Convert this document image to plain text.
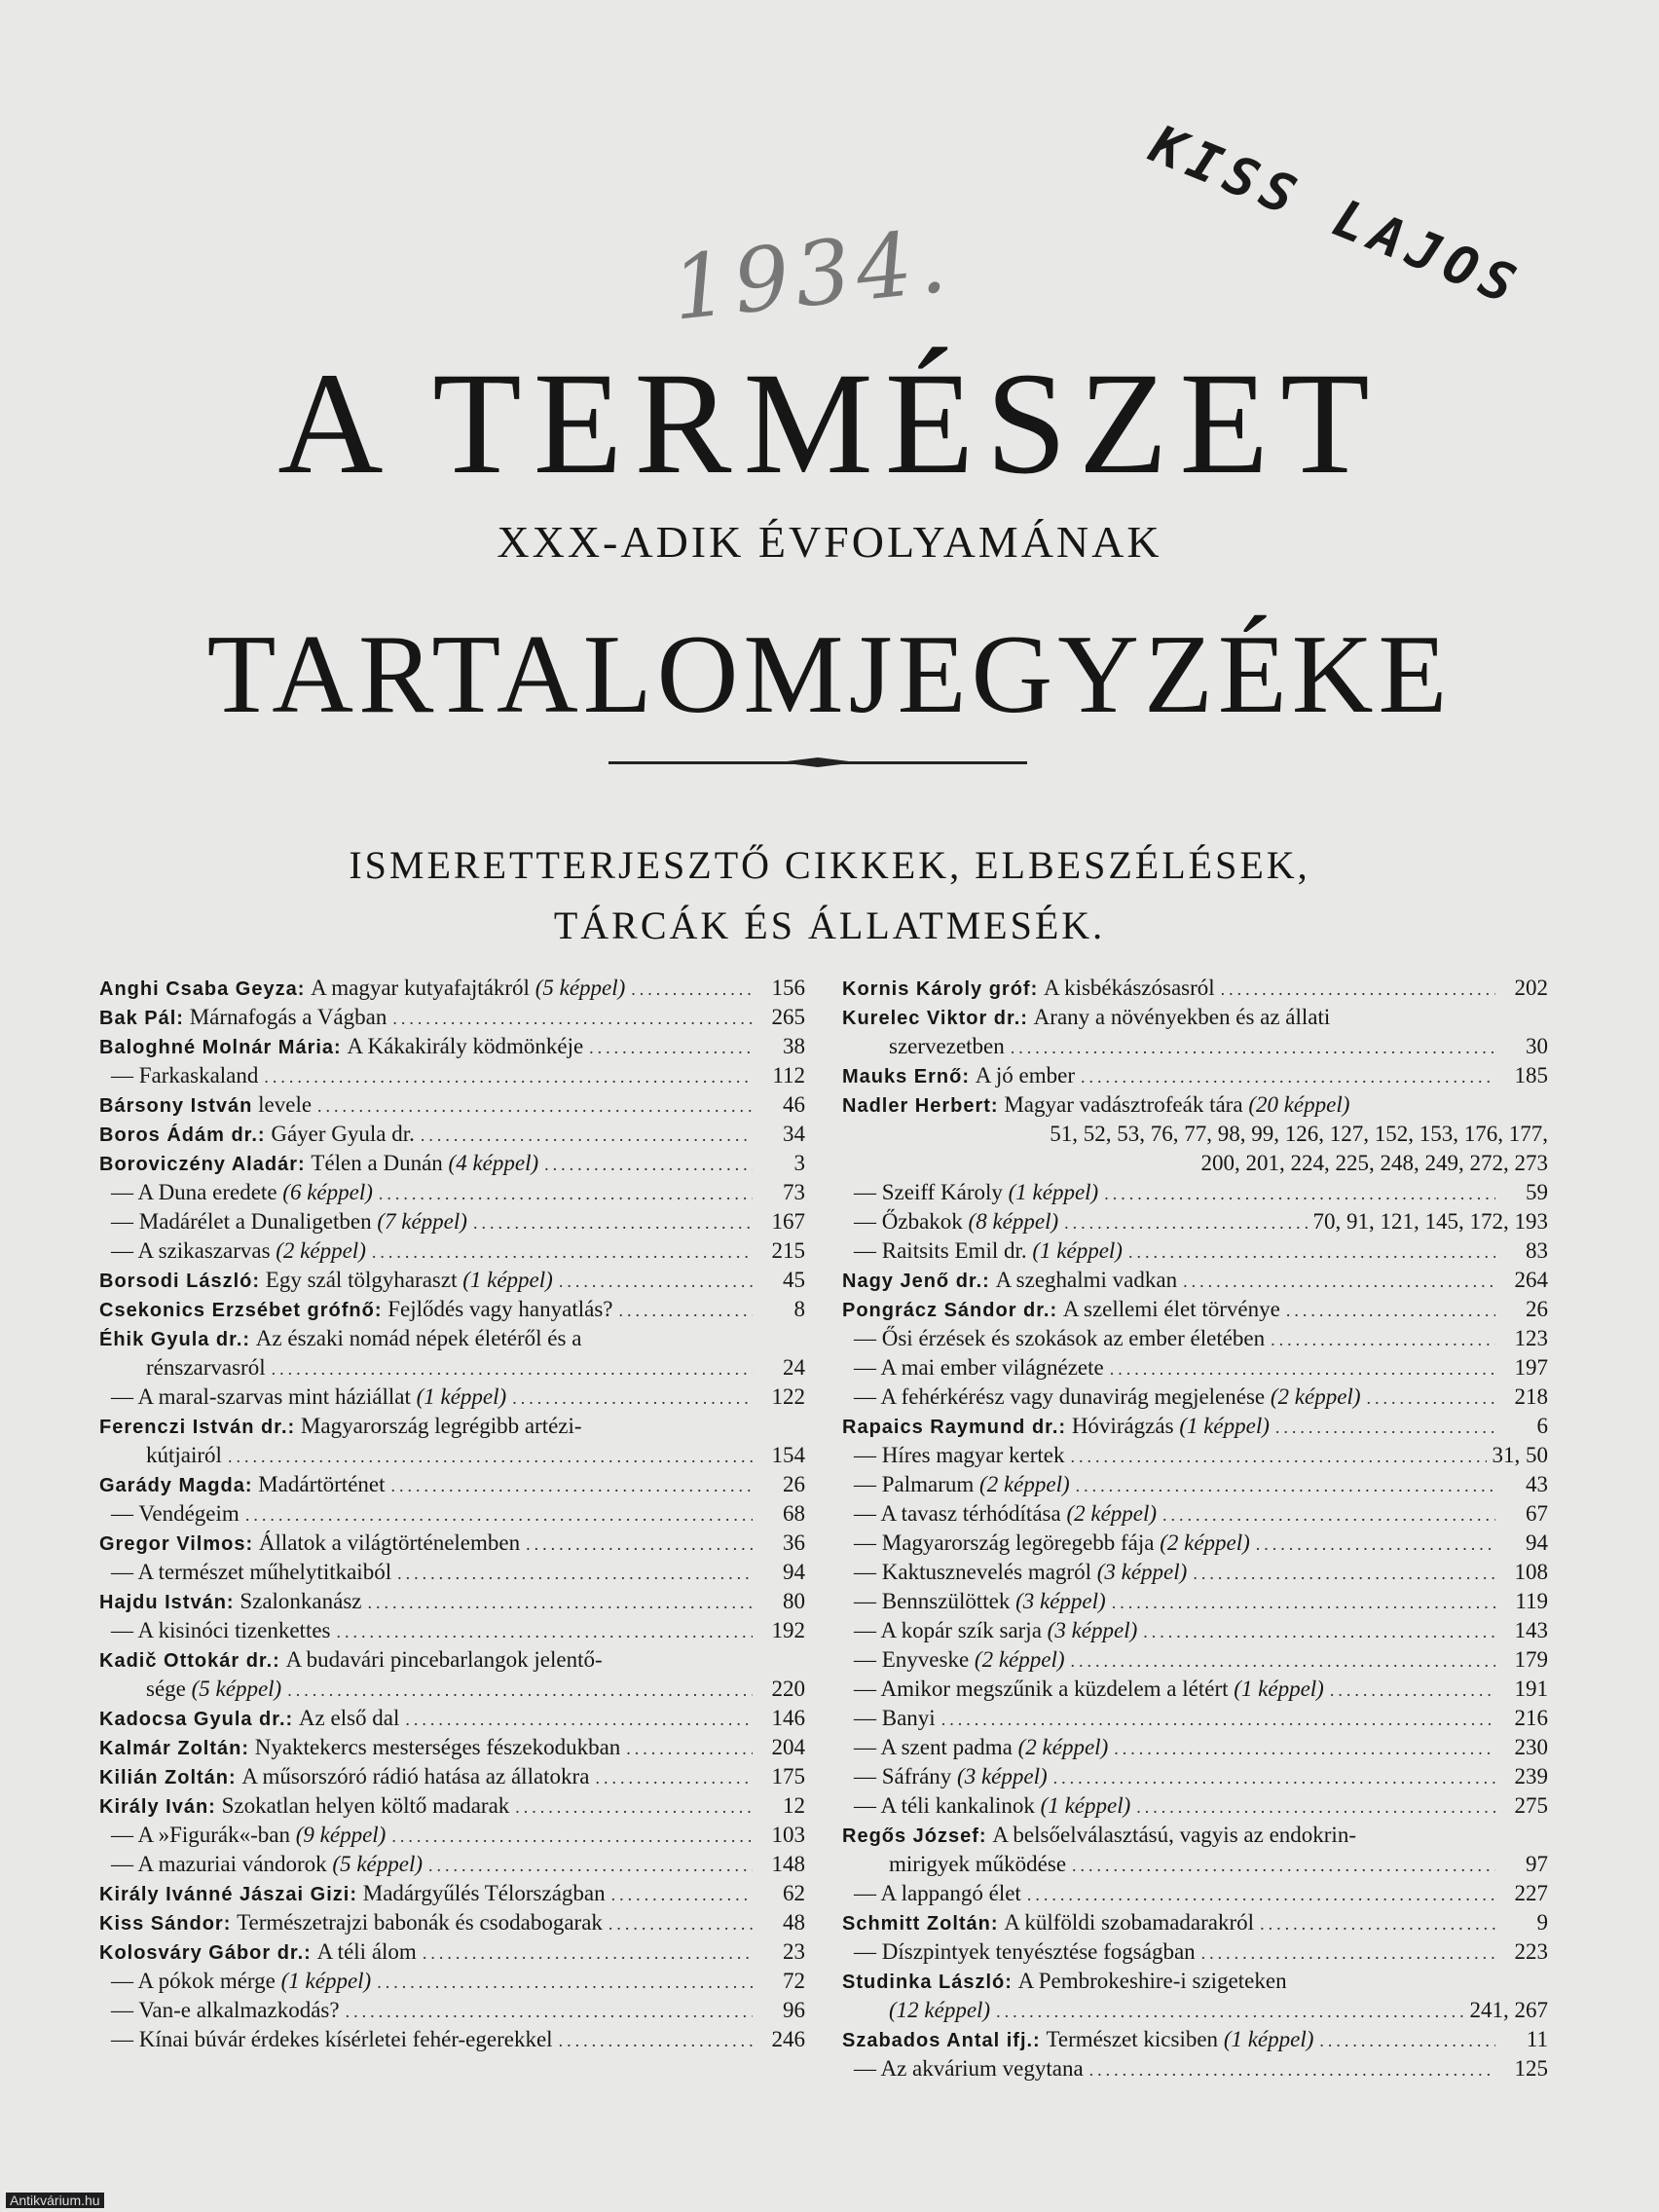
1934.	KISS LAJOS
A TERMÉSZET
XXX-ADIK ÉVFOLYAMÁNAK
TARTALOMJEGYZÉKE
ISMERETTERJESZTŐ CIKKEK, ELBESZÉLÉSEK,
TÁRCÁK ÉS ÁLLATMESÉK.
Anghi Csaba Geyza:
A magyar kutyafajtákról
(5 képpel) .....	156
Bak Pál:
Márnafogás a Vágban .....	265
Baloghné Molnár Mária:
A Kákakirály ködmönkéje .....	38
— Farkaskaland .....	112
Bársony István
levele .....	46
Boros Ádám dr.:
Gáyer Gyula dr. .....	34
Boroviczény Aladár:
Télen a Dunán
(4 képpel) .....	3
— A Duna eredete
(6 képpel) .....	73
— Madárélet a Dunaligetben
(7 képpel) .....	167
— A szikaszarvas
(2 képpel) .....	215
Borsodi László:
Egy szál tölgyharaszt
(1 képpel) .....	45
Csekonics Erzsébet grófnő:
Fejlődés vagy hanyatlás? .....	8
Éhik Gyula dr.:
Az északi nomád népek életéről és a
rénszarvasról .....	24
— A maral-szarvas mint háziállat
(1 képpel) .....	122
Ferenczi István dr.:
Magyarország legrégibb artézi-
kútjairól .....	154
Garády Magda:
Madártörténet .....	26
— Vendégeim .....	68
Gregor Vilmos:
Állatok a világtörténelemben .....	36
— A természet műhelytitkaiból .....	94
Hajdu István:
Szalonkanász .....	80
— A kisinóci tizenkettes .....	192
Kadič Ottokár dr.:
A budavári pincebarlangok jelentő-
sége
(5 képpel) .....	220
Kadocsa Gyula dr.:
Az első dal .....	146
Kalmár Zoltán:
Nyaktekercs mesterséges fészekodukban .....	204
Kilián Zoltán:
A műsorszóró rádió hatása az állatokra .....	175
Király Iván:
Szokatlan helyen költő madarak .....	12
— A »Figurák«-ban
(9 képpel) .....	103
— A mazuriai vándorok
(5 képpel) .....	148
Király Ivánné Jászai Gizi:
Madárgyűlés Télországban .....	62
Kiss Sándor:
Természetrajzi babonák és csodabogarak .....	48
Kolosváry Gábor dr.:
A téli álom .....	23
— A pókok mérge
(1 képpel) .....	72
— Van-e alkalmazkodás? .....	96
— Kínai búvár érdekes kísérletei fehér-egerekkel .....	246
Kornis Károly gróf:
A kisbékászósasról .....	202
Kurelec Viktor dr.:
Arany a növényekben és az állati
szervezetben .....	30
Mauks Ernő:
A jó ember .....	185
Nadler Herbert:
Magyar vadásztrofeák tára
(20 képpel)
51, 52, 53, 76, 77, 98, 99, 126, 127, 152, 153, 176, 177,
200, 201, 224, 225, 248, 249, 272, 273
— Szeiff Károly
(1 képpel) .....	59
— Őzbakok
(8 képpel) .....	70, 91, 121, 145, 172, 193
— Raitsits Emil dr.
(1 képpel) .....	83
Nagy Jenő dr.:
A szeghalmi vadkan .....	264
Pongrácz Sándor dr.:
A szellemi élet törvénye .....	26
— Ősi érzések és szokások az ember életében .....	123
— A mai ember világnézete .....	197
— A fehérkérész vagy dunavirág megjelenése
(2 képpel) .....	218
Rapaics Raymund dr.:
Hóvirágzás
(1 képpel) .....	6
— Híres magyar kertek .....	31, 50
— Palmarum
(2 képpel) .....	43
— A tavasz térhódítása
(2 képpel) .....	67
— Magyarország legöregebb fája
(2 képpel) .....	94
— Kaktusznevelés magról
(3 képpel) .....	108
— Bennszülöttek
(3 képpel) .....	119
— A kopár szík sarja
(3 képpel) .....	143
— Enyveske
(2 képpel) .....	179
— Amikor megszűnik a küzdelem a létért
(1 képpel) .....	191
— Banyi .....	216
— A szent padma
(2 képpel) .....	230
— Sáfrány
(3 képpel) .....	239
— A téli kankalinok
(1 képpel) .....	275
Regős József:
A belsőelválasztású, vagyis az endokrin-
mirigyek működése .....	97
— A lappangó élet .....	227
Schmitt Zoltán:
A külföldi szobamadarakról .....	9
— Díszpintyek tenyésztése fogságban .....	223
Studinka László:
A Pembrokeshire-i szigeteken
(12 képpel) .....	241, 267
Szabados Antal ifj.:
Természet kicsiben
(1 képpel) .....	11
— Az akvárium vegytana .....	125
Antikvárium.hu
